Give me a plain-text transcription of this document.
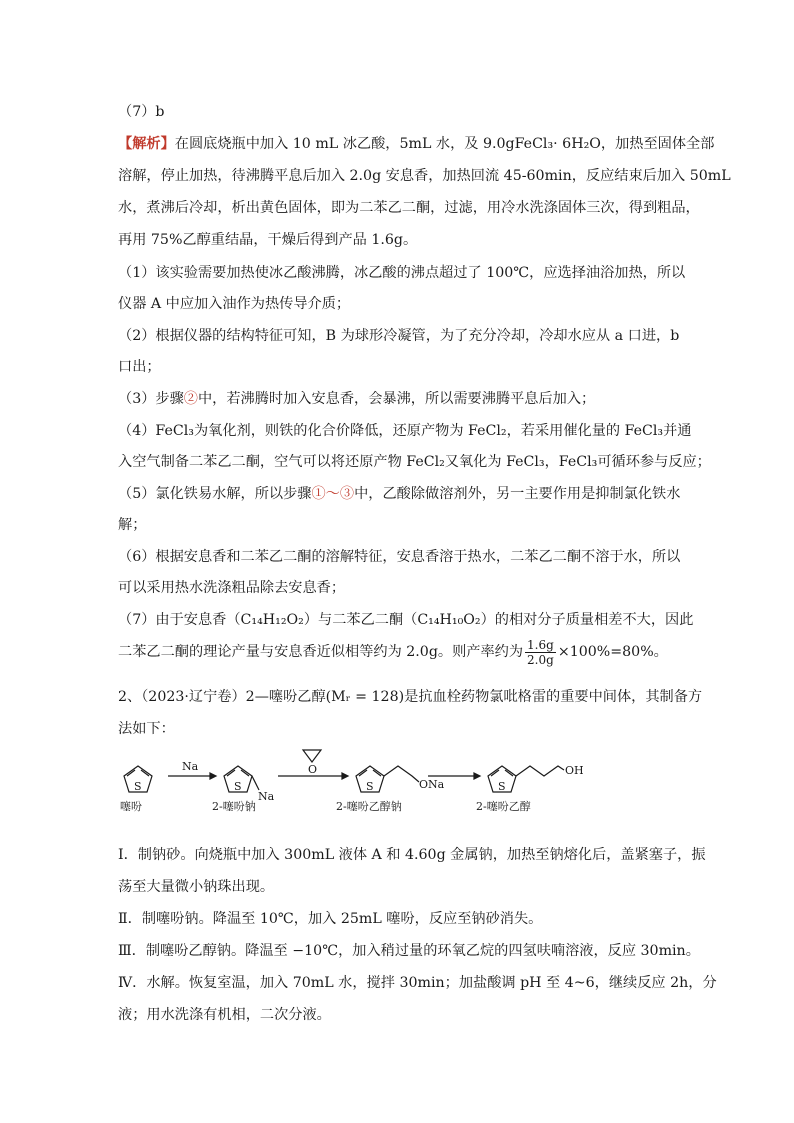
（7）b
【解析】在圆底烧瓶中加入 10 mL 冰乙酸，5mL 水，及 9.0gFeCl₃· 6H₂O，加热至固体全部
溶解，停止加热，待沸腾平息后加入 2.0g 安息香，加热回流 45-60min，反应结束后加入 50mL
水，煮沸后冷却，析出黄色固体，即为二苯乙二酮，过滤，用冷水洗涤固体三次，得到粗品，
再用 75%乙醇重结晶，干燥后得到产品 1.6g。
（1）该实验需要加热使冰乙酸沸腾，冰乙酸的沸点超过了 100℃，应选择油浴加热，所以
仪器 A 中应加入油作为热传导介质；
（2）根据仪器的结构特征可知，B 为球形冷凝管，为了充分冷却，冷却水应从 a 口进，b
口出；
（3）步骤②中，若沸腾时加入安息香，会暴沸，所以需要沸腾平息后加入；
（4）FeCl₃为氧化剂，则铁的化合价降低，还原产物为 FeCl₂，若采用催化量的 FeCl₃并通
入空气制备二苯乙二酮，空气可以将还原产物 FeCl₂又氧化为 FeCl₃，FeCl₃可循环参与反应；
（5）氯化铁易水解，所以步骤①～③中，乙酸除做溶剂外，另一主要作用是抑制氯化铁水
解；
（6）根据安息香和二苯乙二酮的溶解特征，安息香溶于热水，二苯乙二酮不溶于水，所以
可以采用热水洗涤粗品除去安息香；
（7）由于安息香（C₁₄H₁₂O₂）与二苯乙二酮（C₁₄H₁₀O₂）的相对分子质量相差不大，因此
二苯乙二酮的理论产量与安息香近似相等约为 2.0g。则产率约为 $\frac{1.6g}{2.0g} \times 100\%=80\%$。
2、（2023·辽宁卷）2—噻吩乙醇(Mᵣ = 128)是抗血栓药物氯吡格雷的重要中间体，其制备方
法如下：
S
Na
S
Na
O
S	ONa	S
OH
噻吩	2-噻吩钠	2-噻吩乙醇钠	2-噻吩乙醇
Ⅰ．制钠砂。向烧瓶中加入 300mL 液体 A 和 4.60g 金属钠，加热至钠熔化后，盖紧塞子，振
荡至大量微小钠珠出现。
Ⅱ．制噻吩钠。降温至 10℃，加入 25mL 噻吩，反应至钠砂消失。
Ⅲ．制噻吩乙醇钠。降温至 −10℃，加入稍过量的环氧乙烷的四氢呋喃溶液，反应 30min。
Ⅳ．水解。恢复室温，加入 70mL 水，搅拌 30min；加盐酸调 pH 至 4~6，继续反应 2h，分
液；用水洗涤有机相，二次分液。
